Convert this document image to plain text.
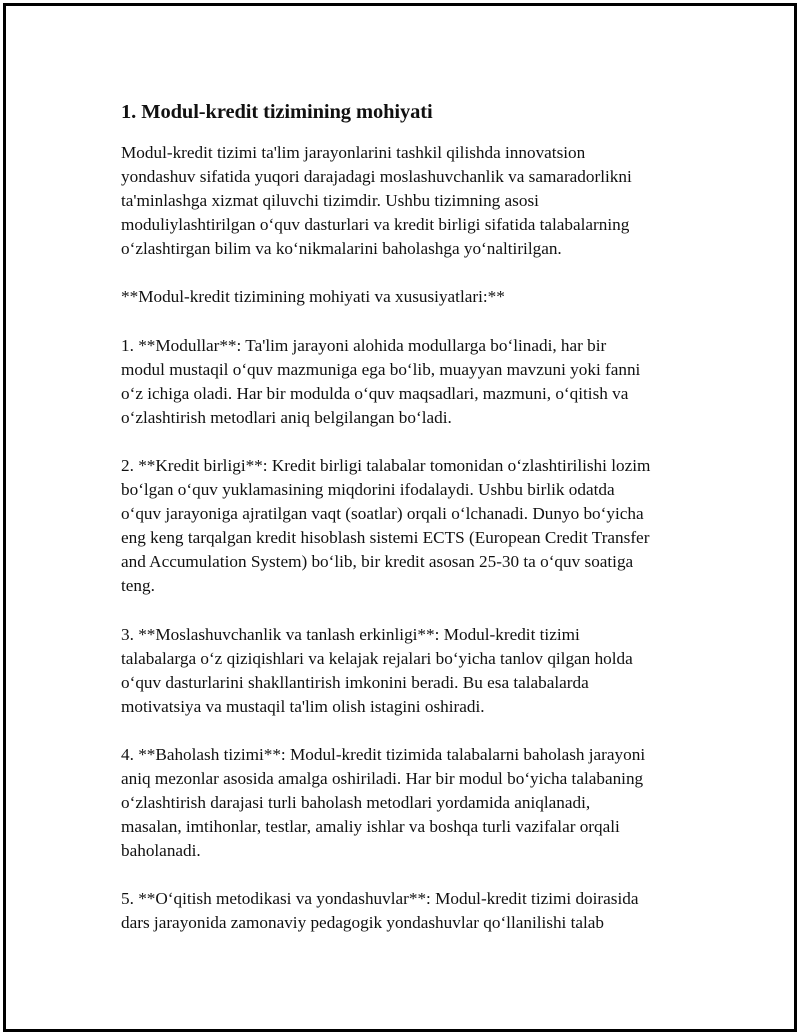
1. Modul-kredit tizimining mohiyati

Modul-kredit tizimi ta'lim jarayonlarini tashkil qilishda innovatsion
yondashuv sifatida yuqori darajadagi moslashuvchanlik va samaradorlikni
ta'minlashga xizmat qiluvchi tizimdir. Ushbu tizimning asosi
moduliylashtirilgan o‘quv dasturlari va kredit birligi sifatida talabalarning
o‘zlashtirgan bilim va ko‘nikmalarini baholashga yo‘naltirilgan.

**Modul-kredit tizimining mohiyati va xususiyatlari:**

1. **Modullar**: Ta'lim jarayoni alohida modullarga bo‘linadi, har bir
modul mustaqil o‘quv mazmuniga ega bo‘lib, muayyan mavzuni yoki fanni
o‘z ichiga oladi. Har bir modulda o‘quv maqsadlari, mazmuni, o‘qitish va
o‘zlashtirish metodlari aniq belgilangan bo‘ladi.

2. **Kredit birligi**: Kredit birligi talabalar tomonidan o‘zlashtirilishi lozim
bo‘lgan o‘quv yuklamasining miqdorini ifodalaydi. Ushbu birlik odatda
o‘quv jarayoniga ajratilgan vaqt (soatlar) orqali o‘lchanadi. Dunyo bo‘yicha
eng keng tarqalgan kredit hisoblash sistemi ECTS (European Credit Transfer
and Accumulation System) bo‘lib, bir kredit asosan 25-30 ta o‘quv soatiga
teng.

3. **Moslashuvchanlik va tanlash erkinligi**: Modul-kredit tizimi
talabalarga o‘z qiziqishlari va kelajak rejalari bo‘yicha tanlov qilgan holda
o‘quv dasturlarini shakllantirish imkonini beradi. Bu esa talabalarda
motivatsiya va mustaqil ta'lim olish istagini oshiradi.

4. **Baholash tizimi**: Modul-kredit tizimida talabalarni baholash jarayoni
aniq mezonlar asosida amalga oshiriladi. Har bir modul bo‘yicha talabaning
o‘zlashtirish darajasi turli baholash metodlari yordamida aniqlanadi,
masalan, imtihonlar, testlar, amaliy ishlar va boshqa turli vazifalar orqali
baholanadi.

5. **O‘qitish metodikasi va yondashuvlar**: Modul-kredit tizimi doirasida
dars jarayonida zamonaviy pedagogik yondashuvlar qo‘llanilishi talab
